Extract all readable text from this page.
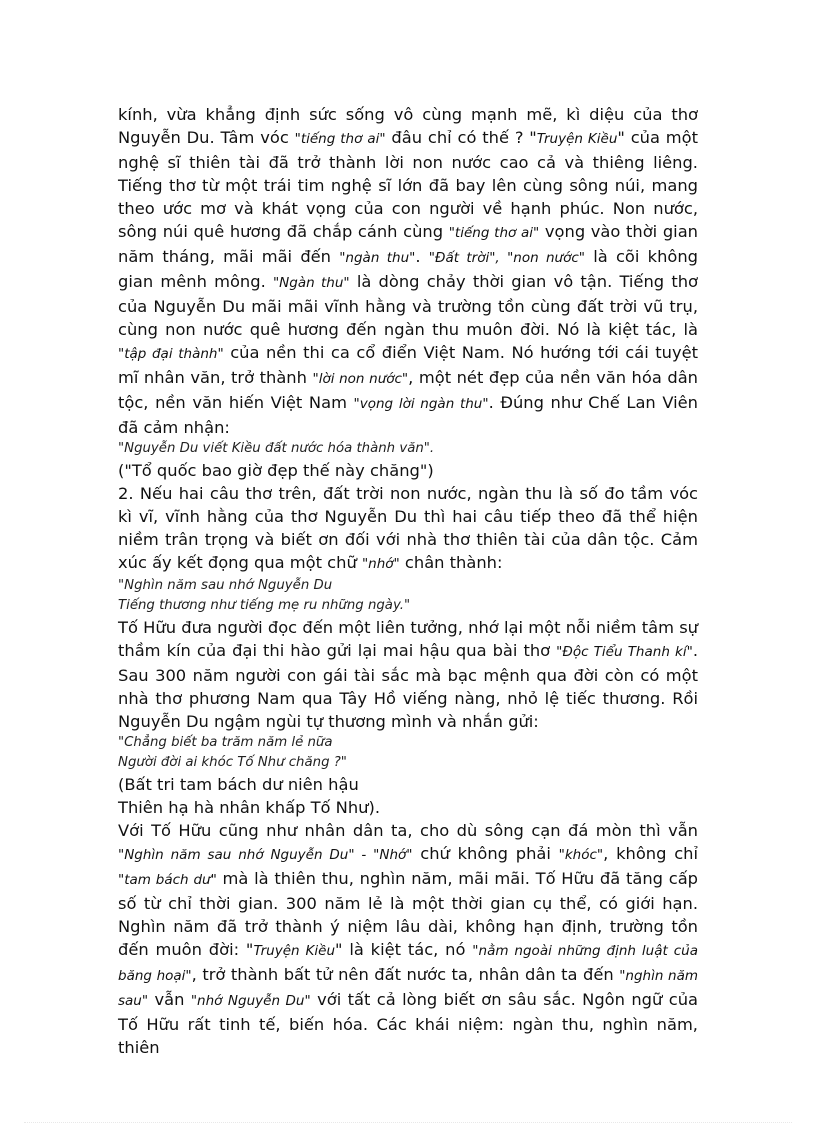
kính, vừa khẳng định sức sống vô cùng mạnh mẽ, kì diệu của thơ Nguyễn Du. Tâm vóc "tiếng thơ ai" đâu chỉ có thế ? "Truyện Kiều" của một nghệ sĩ thiên tài đã trở thành lời non nước cao cả và thiêng liêng. Tiếng thơ từ một trái tim nghệ sĩ lớn đã bay lên cùng sông núi, mang theo ước mơ và khát vọng của con người về hạnh phúc. Non nước, sông núi quê hương đã chắp cánh cùng "tiếng thơ ai" vọng vào thời gian năm tháng, mãi mãi đến "ngàn thu". "Đất trời", "non nước" là cõi không gian mênh mông. "Ngàn thu" là dòng chảy thời gian vô tận. Tiếng thơ của Nguyễn Du mãi mãi vĩnh hằng và trường tồn cùng đất trời vũ trụ, cùng non nước quê hương đến ngàn thu muôn đời. Nó là kiệt tác, là "tập đại thành" của nền thi ca cổ điển Việt Nam. Nó hướng tới cái tuyệt mĩ nhân văn, trở thành "lời non nước", một nét đẹp của nền văn hóa dân tộc, nền văn hiến Việt Nam "vọng lời ngàn thu". Đúng như Chế Lan Viên đã cảm nhận:

"Nguyễn Du viết Kiều đất nước hóa thành văn".

("Tổ quốc bao giờ đẹp thế này chăng")

2. Nếu hai câu thơ trên, đất trời non nước, ngàn thu là số đo tầm vóc kì vĩ, vĩnh hằng của thơ Nguyễn Du thì hai câu tiếp theo đã thể hiện niềm trân trọng và biết ơn đối với nhà thơ thiên tài của dân tộc. Cảm xúc ấy kết đọng qua một chữ "nhớ" chân thành:

"Nghìn năm sau nhớ Nguyễn Du

Tiếng thương như tiếng mẹ ru những ngày."

Tố Hữu đưa người đọc đến một liên tưởng, nhớ lại một nỗi niềm tâm sự thầm kín của đại thi hào gửi lại mai hậu qua bài thơ "Độc Tiểu Thanh kí". Sau 300 năm người con gái tài sắc mà bạc mệnh qua đời còn có một nhà thơ phương Nam qua Tây Hồ viếng nàng, nhỏ lệ tiếc thương. Rồi Nguyễn Du ngậm ngùi tự thương mình và nhắn gửi:

"Chẳng biết ba trăm năm lẻ nữa

Người đời ai khóc Tố Như chăng ?"

(Bất tri tam bách dư niên hậu

Thiên hạ hà nhân khấp Tố Như).

Với Tố Hữu cũng như nhân dân ta, cho dù sông cạn đá mòn thì vẫn "Nghìn năm sau nhớ Nguyễn Du" - "Nhớ" chứ không phải "khóc", không chỉ "tam bách dư" mà là thiên thu, nghìn năm, mãi mãi. Tố Hữu đã tăng cấp số từ chỉ thời gian. 300 năm lẻ là một thời gian cụ thể, có giới hạn. Nghìn năm đã trở thành ý niệm lâu dài, không hạn định, trường tồn đến muôn đời: "Truyện Kiều" là kiệt tác, nó "nằm ngoài những định luật của băng hoại", trở thành bất tử nên đất nước ta, nhân dân ta đến "nghìn năm sau" vẫn "nhớ Nguyễn Du" với tất cả lòng biết ơn sâu sắc. Ngôn ngữ của Tố Hữu rất tinh tế, biến hóa. Các khái niệm: ngàn thu, nghìn năm, thiên
